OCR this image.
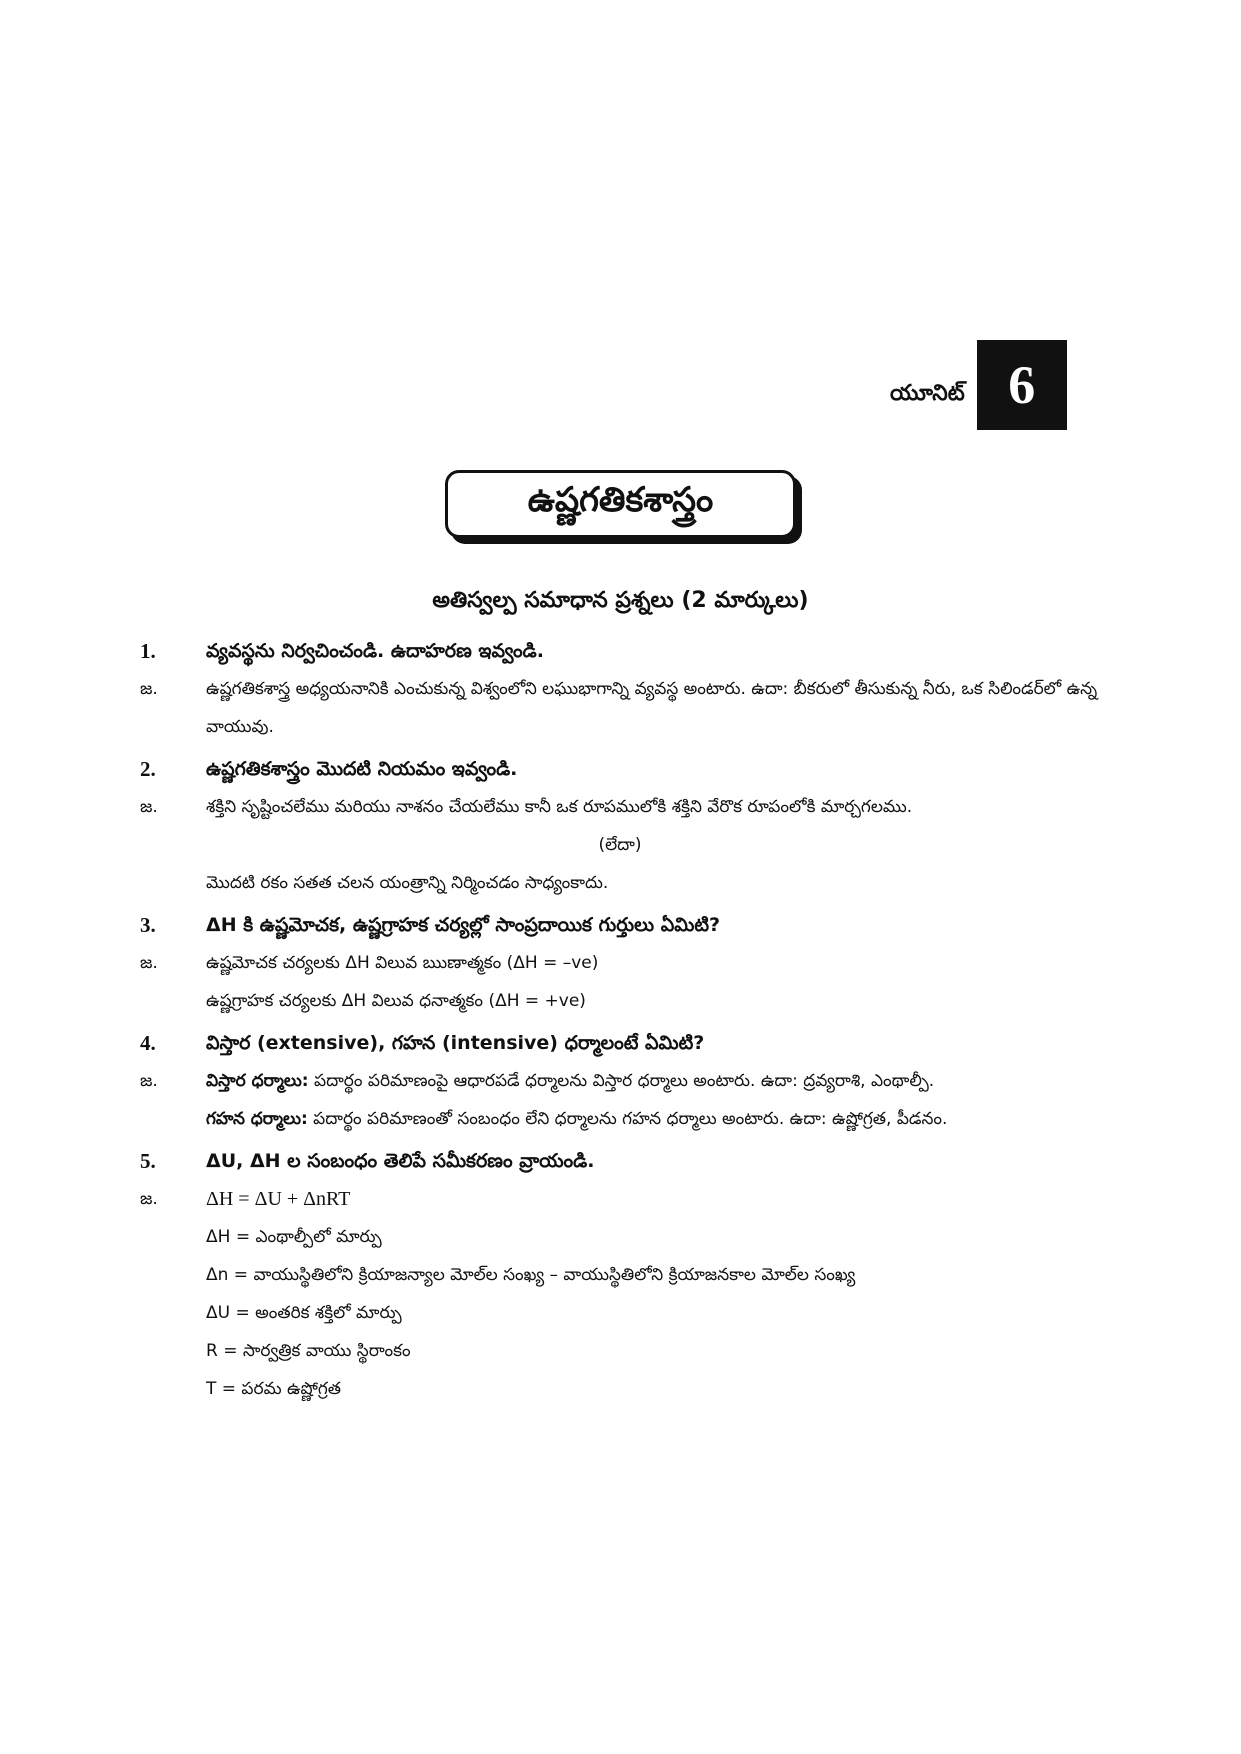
యూనిట్ 6
ఉష్ణగతికశాస్త్రం
అతిస్వల్ప సమాధాన ప్రశ్నలు (2 మార్కులు)
1.	వ్యవస్థను నిర్వచించండి. ఉదాహరణ ఇవ్వండి.
జ.	ఉష్ణగతికశాస్త్ర అధ్యయనానికి ఎంచుకున్న విశ్వంలోని లఘుభాగాన్ని వ్యవస్థ అంటారు. ఉదా: బీకరులో తీసుకున్న నీరు, ఒక సిలిండర్‌లో ఉన్న వాయువు.
2.	ఉష్ణగతికశాస్త్రం మొదటి నియమం ఇవ్వండి.
జ.	శక్తిని సృష్టించలేము మరియు నాశనం చేయలేము కానీ ఒక రూపములోకి శక్తిని వేరొక రూపంలోకి మార్చగలము.
(లేదా)
మొదటి రకం సతత చలన యంత్రాన్ని నిర్మించడం సాధ్యంకాదు.
3.	ΔH కి ఉష్ణమోచక, ఉష్ణగ్రాహక చర్యల్లో సాంప్రదాయిక గుర్తులు ఏమిటి?
జ.	ఉష్ణమోచక చర్యలకు ΔH విలువ ఋణాత్మకం (ΔH = –ve)
ఉష్ణగ్రాహక చర్యలకు ΔH విలువ ధనాత్మకం (ΔH = +ve)
4.	విస్తార (extensive), గహన (intensive) ధర్మాలంటే ఏమిటి?
జ.	విస్తార ధర్మాలు: పదార్థం పరిమాణంపై ఆధారపడే ధర్మాలను విస్తార ధర్మాలు అంటారు. ఉదా: ద్రవ్యరాశి, ఎంథాల్పీ.
గహన ధర్మాలు: పదార్థం పరిమాణంతో సంబంధం లేని ధర్మాలను గహన ధర్మాలు అంటారు. ఉదా: ఉష్ణోగ్రత, పీడనం.
5.	ΔU, ΔH ల సంబంధం తెలిపే సమీకరణం వ్రాయండి.
జ.	ΔH = ΔU + ΔnRT
ΔH = ఎంథాల్పీలో మార్పు
Δn = వాయుస్థితిలోని క్రియాజన్యాల మోల్‌ల సంఖ్య – వాయుస్థితిలోని క్రియాజనకాల మోల్‌ల సంఖ్య
ΔU = అంతరిక శక్తిలో మార్పు
R = సార్వత్రిక వాయు స్థిరాంకం
T = పరమ ఉష్ణోగ్రత
